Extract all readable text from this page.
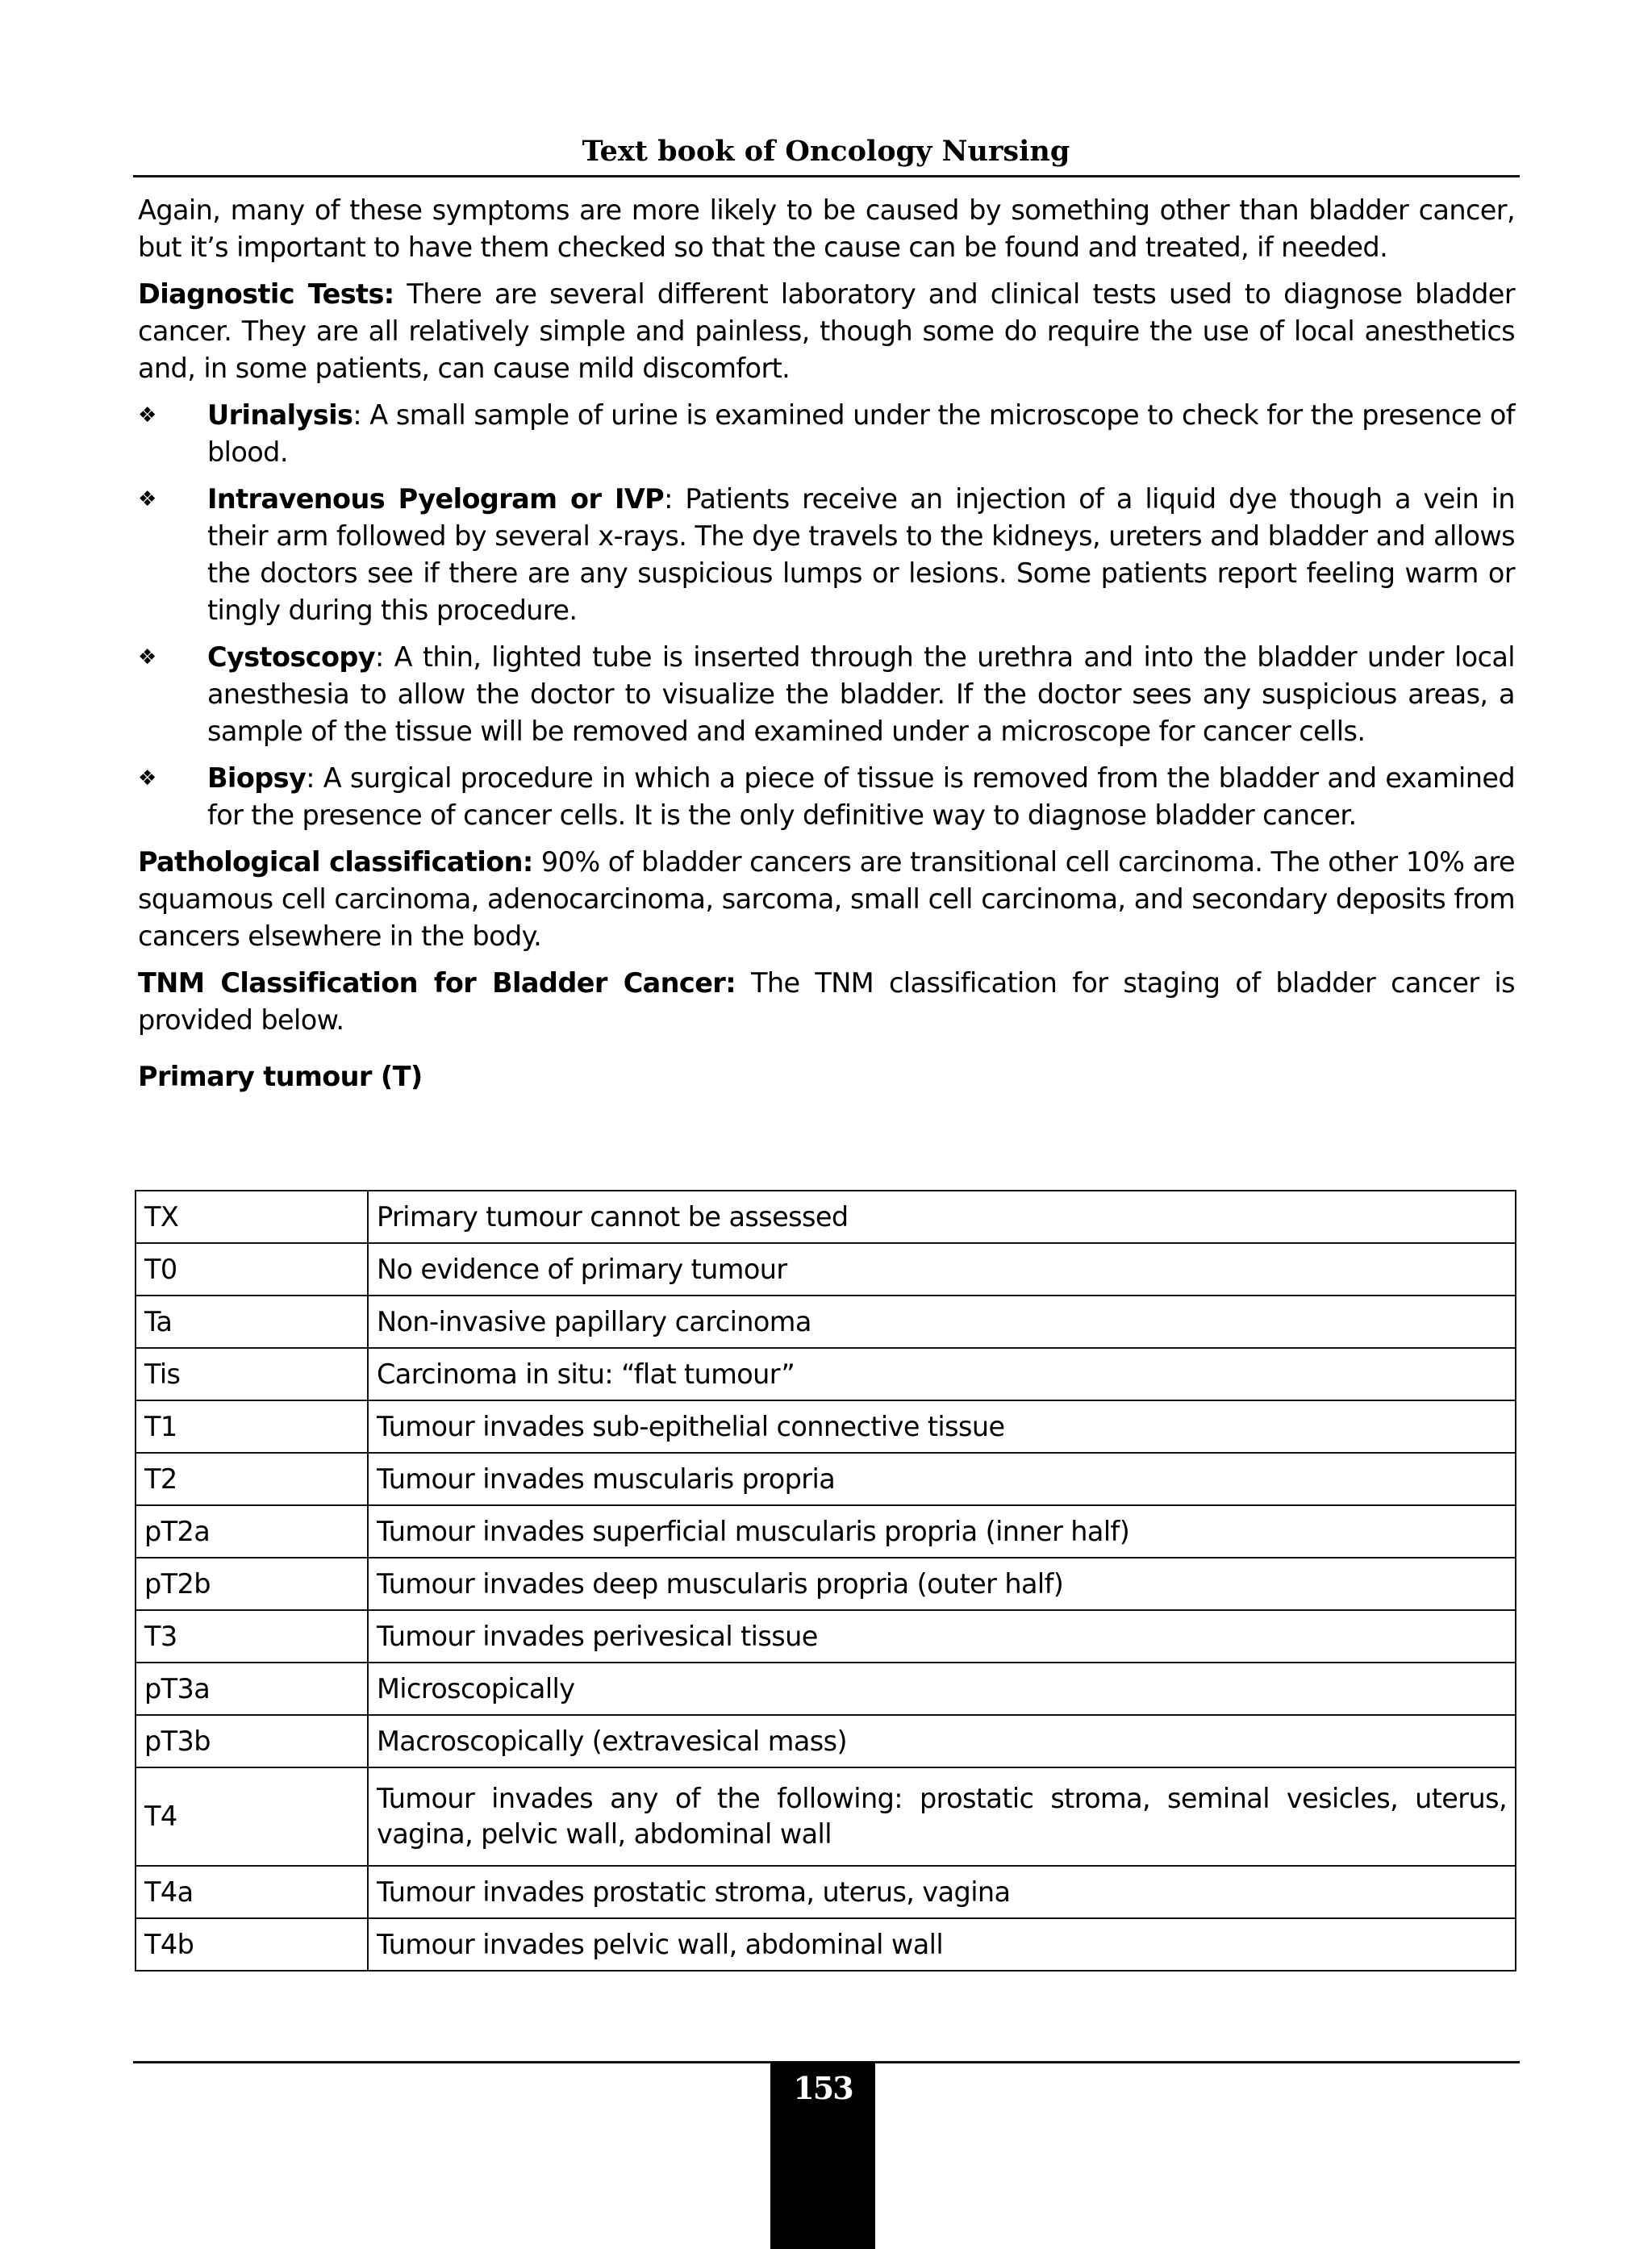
Text book of Oncology Nursing

Again, many of these symptoms are more likely to be caused by something other than bladder cancer, but it’s important to have them checked so that the cause can be found and treated, if needed.

Diagnostic Tests: There are several different laboratory and clinical tests used to diagnose bladder cancer. They are all relatively simple and painless, though some do require the use of local anesthetics and, in some patients, can cause mild discomfort.

❖ Urinalysis: A small sample of urine is examined under the microscope to check for the presence of blood.
❖ Intravenous Pyelogram or IVP: Patients receive an injection of a liquid dye though a vein in their arm followed by several x-rays. The dye travels to the kidneys, ureters and bladder and allows the doctors see if there are any suspicious lumps or lesions. Some patients report feeling warm or tingly during this procedure.
❖ Cystoscopy: A thin, lighted tube is inserted through the urethra and into the bladder under local anesthesia to allow the doctor to visualize the bladder. If the doctor sees any suspicious areas, a sample of the tissue will be removed and examined under a microscope for cancer cells.
❖ Biopsy: A surgical procedure in which a piece of tissue is removed from the bladder and examined for the presence of cancer cells. It is the only definitive way to diagnose bladder cancer.

Pathological classification: 90% of bladder cancers are transitional cell carcinoma. The other 10% are squamous cell carcinoma, adenocarcinoma, sarcoma, small cell carcinoma, and secondary deposits from cancers elsewhere in the body.

TNM Classification for Bladder Cancer: The TNM classification for staging of bladder cancer is provided below.

Primary tumour (T)
TX	Primary tumour cannot be assessed
T0	No evidence of primary tumour
Ta	Non-invasive papillary carcinoma
Tis	Carcinoma in situ: “flat tumour”
T1	Tumour invades sub-epithelial connective tissue
T2	Tumour invades muscularis propria
pT2a	Tumour invades superficial muscularis propria (inner half)
pT2b	Tumour invades deep muscularis propria (outer half)
T3	Tumour invades perivesical tissue
pT3a	Microscopically
pT3b	Macroscopically (extravesical mass)
T4	Tumour invades any of the following: prostatic stroma, seminal vesicles, uterus, vagina, pelvic wall, abdominal wall
T4a	Tumour invades prostatic stroma, uterus, vagina
T4b	Tumour invades pelvic wall, abdominal wall
153
